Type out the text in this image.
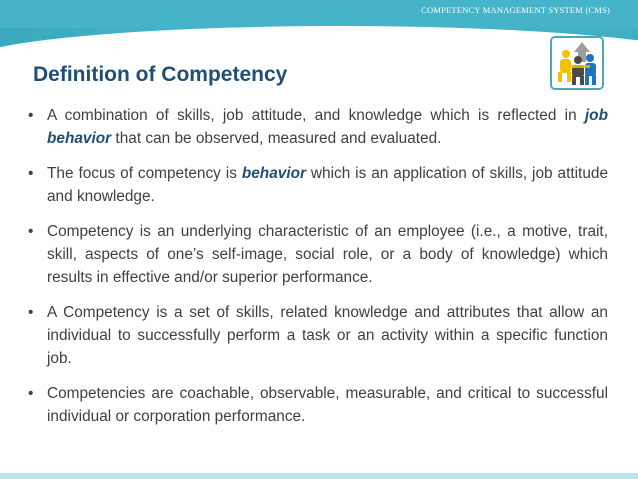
COMPETENCY MANAGEMENT SYSTEM (CMS)
Definition of Competency
• A combination of skills, job attitude, and knowledge which is reflected in job behavior that can be observed, measured and evaluated.
• The focus of competency is behavior which is an application of skills, job attitude and knowledge.
• Competency is an underlying characteristic of an employee (i.e., a motive, trait, skill, aspects of one’s self-image, social role, or a body of knowledge) which results in effective and/or superior performance.
• A Competency is a set of skills, related knowledge and attributes that allow an individual to successfully perform a task or an activity within a specific function job.
• Competencies are coachable, observable, measurable, and critical to successful individual or corporation performance.
